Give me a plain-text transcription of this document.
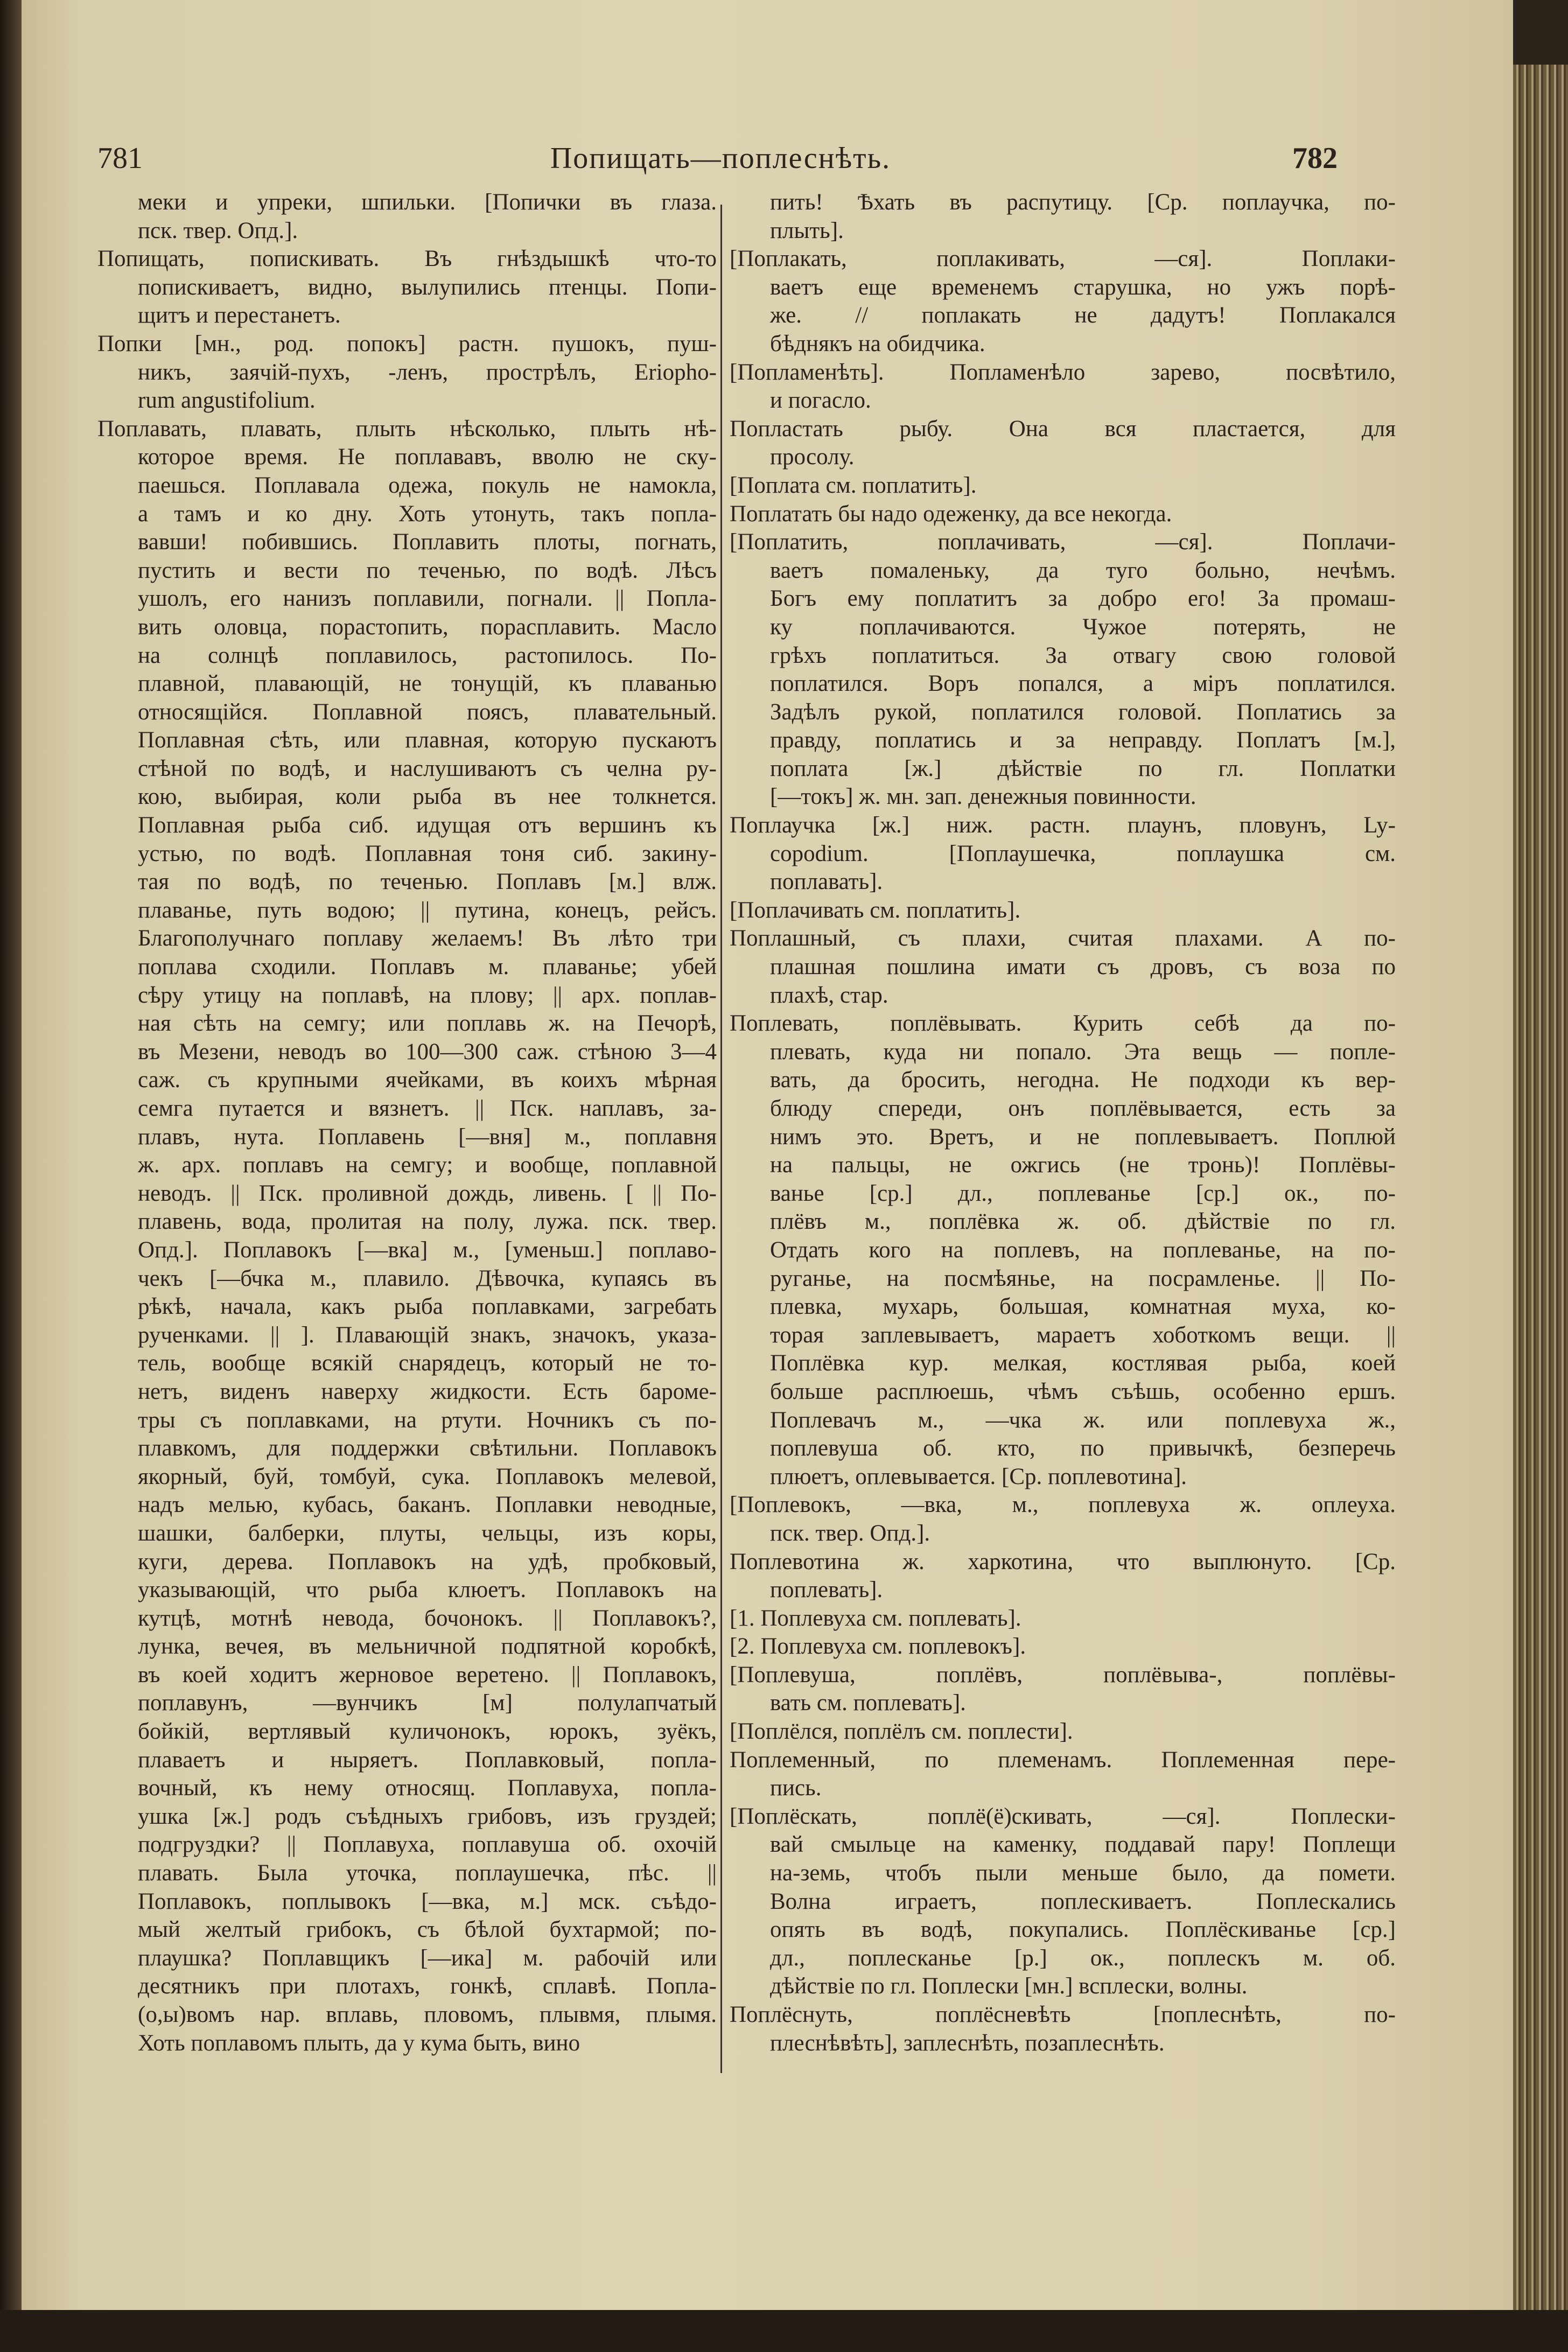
781	Попищать—поплеснѣть.	782
меки и упреки, шпильки. [Попички въ глаза.
пск. твер. Опд.].
Попищать, попискивать. Въ гнѣздышкѣ что-то
попискиваетъ, видно, вылупились птенцы. Попи-
щитъ и перестанетъ.
Попки [мн., род. попокъ] растн. пушокъ, пуш-
никъ, заячiй-пухъ, -ленъ, прострѣлъ, Eriopho-
rum angustifolium.
Поплавать, плавать, плыть нѣсколько, плыть нѣ-
которое время. Не поплававъ, вволю не ску-
паешься. Поплавала одежа, покуль не намокла,
а тамъ и ко дну. Хоть утонуть, такъ попла-
вавши! побившись. Поплавить плоты, погнать,
пустить и вести по теченью, по водѣ. Лѣсъ
ушолъ, его нанизъ поплавили, погнали. || Попла-
вить оловца, порастопить, порасплавить. Масло
на солнцѣ поплавилось, растопилось. По-
плавной, плавающiй, не тонущiй, къ плаванью
относящiйся. Поплавной поясъ, плавательный.
Поплавная сѣть, или плавная, которую пускаютъ
стѣной по водѣ, и наслушиваютъ съ челна ру-
кою, выбирая, коли рыба въ нее толкнется.
Поплавная рыба сиб. идущая отъ вершинъ къ
устью, по водѣ. Поплавная тоня сиб. закину-
тая по водѣ, по теченью. Поплавъ [м.] влж.
плаванье, путь водою; || путина, конецъ, рейсъ.
Благополучнаго поплаву желаемъ! Въ лѣто три
поплава сходили. Поплавъ м. плаванье; убей
сѣру утицу на поплавѣ, на плову; || арх. поплав-
ная сѣть на семгу; или поплавь ж. на Печорѣ,
въ Мезени, неводъ во 100—300 саж. стѣною 3—4
саж. съ крупными ячейками, въ коихъ мѣрная
семга путается и вязнетъ. || Пск. наплавъ, за-
плавъ, нута. Поплавень [—вня] м., поплавня
ж. арх. поплавъ на семгу; и вообще, поплавной
неводъ. || Пск. проливной дождь, ливень. [ || По-
плавень, вода, пролитая на полу, лужа. пск. твер.
Опд.]. Поплавокъ [—вка] м., [уменьш.] поплаво-
чекъ [—бчка м., плавило. Дѣвочка, купаясь въ
рѣкѣ, начала, какъ рыба поплавками, загребать
рученками. || ]. Плавающiй знакъ, значокъ, указа-
тель, вообще всякiй снарядецъ, который не то-
нетъ, виденъ наверху жидкости. Есть бароме-
тры съ поплавками, на ртути. Ночникъ съ по-
плавкомъ, для поддержки свѣтильни. Поплавокъ
якорный, буй, томбуй, сука. Поплавокъ мелевой,
надъ мелью, кубась, баканъ. Поплавки неводные,
шашки, балберки, плуты, чельцы, изъ коры,
куги, дерева. Поплавокъ на удѣ, пробковый,
указывающiй, что рыба клюетъ. Поплавокъ на
кутцѣ, мотнѣ невода, бочонокъ. || Поплавокъ?,
лунка, вечея, въ мельничной подпятной коробкѣ,
въ коей ходитъ жерновое веретено. || Поплавокъ,
поплавунъ, —вунчикъ [м] полулапчатый
бойкiй, вертлявый куличонокъ, юрокъ, зуёкъ,
плаваетъ и ныряетъ. Поплавковый, попла-
вочный, къ нему относящ. Поплавуха, попла-
ушка [ж.] родъ съѣдныхъ грибовъ, изъ груздей;
подгруздки? || Поплавуха, поплавуша об. охочiй
плавать. Была уточка, поплаушечка, пѣс. ||
Поплавокъ, поплывокъ [—вка, м.] мск. съѣдо-
мый желтый грибокъ, съ бѣлой бухтармой; по-
плаушка? Поплавщикъ [—ика] м. рабочiй или
десятникъ при плотахъ, гонкѣ, сплавѣ. Попла-
(о,ы)вомъ нар. вплавь, пловомъ, плывмя, плымя.
Хоть поплавомъ плыть, да у кума быть, вино
пить! Ѣхать въ распутицу. [Ср. поплаучка, по-
плыть].
[Поплакать, поплакивать, —ся]. Поплаки-
ваетъ еще временемъ старушка, но ужъ порѣ-
же. // поплакать не дадутъ! Поплакался
бѣднякъ на обидчика.
[Попламенѣть]. Попламенѣло зарево, посвѣтило,
и погасло.
Попластать рыбу. Она вся пластается, для
просолу.
[Поплата см. поплатить].
Поплатать бы надо одеженку, да все некогда.
[Поплатить, поплачивать, —ся]. Поплачи-
ваетъ помаленьку, да туго больно, нечѣмъ.
Богъ ему поплатитъ за добро его! За промаш-
ку поплачиваются. Чужое потерять, не
грѣхъ поплатиться. За отвагу свою головой
поплатился. Воръ попался, а мiръ поплатился.
Задѣлъ рукой, поплатился головой. Поплатись за
правду, поплатись и за неправду. Поплатъ [м.],
поплата [ж.] дѣйствiе по гл. Поплатки
[—токъ] ж. мн. зап. денежныя повинности.
Поплаучка [ж.] ниж. растн. плаунъ, пловунъ, Ly-
copodium. [Поплаушечка, поплаушка см.
поплавать].
[Поплачивать см. поплатить].
Поплашный, съ плахи, считая плахами. А по-
плашная пошлина имати съ дровъ, съ воза по
плахѣ, стар.
Поплевать, поплёвывать. Курить себѣ да по-
плевать, куда ни попало. Эта вещь — попле-
вать, да бросить, негодна. Не подходи къ вер-
блюду спереди, онъ поплёвывается, есть за
нимъ это. Вретъ, и не поплевываетъ. Поплюй
на пальцы, не ожгись (не тронь)! Поплёвы-
ванье [ср.] дл., поплеванье [ср.] ок., по-
плёвъ м., поплёвка ж. об. дѣйствiе по гл.
Отдать кого на поплевъ, на поплеванье, на по-
руганье, на посмѣянье, на посрамленье. || По-
плевка, мухарь, большая, комнатная муха, ко-
торая заплевываетъ, мараетъ хоботкомъ вещи. ||
Поплёвка кур. мелкая, костлявая рыба, коей
больше расплюешь, чѣмъ съѣшь, особенно ершъ.
Поплевачъ м., —чка ж. или поплевуха ж.,
поплевуша об. кто, по привычкѣ, безперечь
плюетъ, оплевывается. [Ср. поплевотина].
[Поплевокъ, —вка, м., поплевуха ж. оплеуха.
пск. твер. Опд.].
Поплевотина ж. харкотина, что выплюнуто. [Ср.
поплевать].
[1. Поплевуха см. поплевать].
[2. Поплевуха см. поплевокъ].
[Поплевуша, поплёвъ, поплёвыва-, поплёвы-
вать см. поплевать].
[Поплёлся, поплёлъ см. поплести].
Поплеменный, по племенамъ. Поплеменная пере-
пись.
[Поплёскать, поплё(ё)скивать, —ся]. Поплески-
вай смыльце на каменку, поддавай пару! Поплещи
на-земь, чтобъ пыли меньше было, да помети.
Волна играетъ, поплескиваетъ. Поплескались
опять въ водѣ, покупались. Поплёскиванье [ср.]
дл., поплесканье [р.] ок., поплескъ м. об.
дѣйствiе по гл. Поплески [мн.] всплески, волны.
Поплёснуть, поплёсневѣть [поплеснѣть, по-
плеснѣвѣть], заплеснѣть, позаплеснѣть.
